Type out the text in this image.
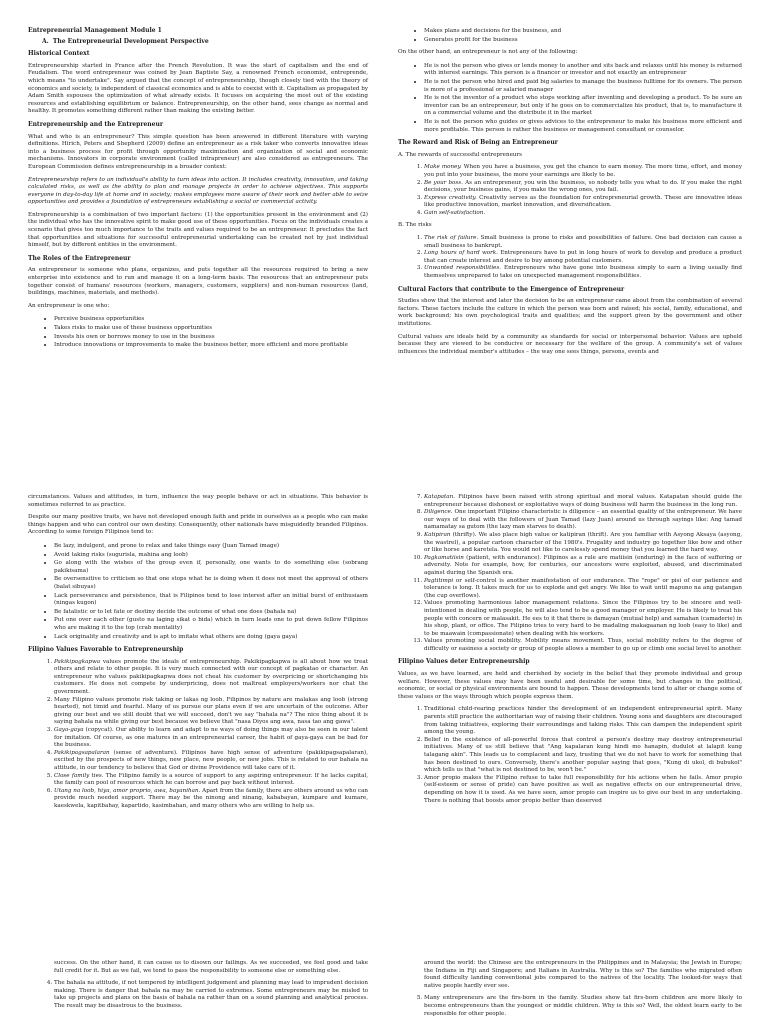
Entrepreneurial Management Module 1

A.  The Entrepreneurial Development Perspective

Historical Context

Entrepreneurship started in France after the French Revolution. It was the start of capitalism and the end of Feudalism. The word entrepreneur was coined by Jean Baptiste Say, a renowned French economist, entreprende, which means "to undertake". Say argued that the concept of entrepreneurship, though closely tied with the theory of economics and society, is independent of classical economics and is able to coexist with it. Capitalism as propagated by Adam Smith espouses the optimization of what already exists. It focuses on acquiring the most out of the existing resources and establishing equilibrium or balance. Entrepreneurship, on the other hand, sees change as normal and healthy. It promotes something different rather than making the existing better.

Entrepreneurship and the Entrepreneur

What and who is an entrepreneur? This simple question has been answered in different literature with varying definitions. Hirich, Peters and Shepherd (2009) define an entrepreneur as a risk taker who converts innovative ideas into a business process for profit through opportunity maximization and organization of social and economic mechanisms. Innovators in corporate environment (called intrapreneur) are also considered as entrepreneurs. The European Commission defines entrepreneurship in a broader context:

Entrepreneurship refers to an individual's ability to turn ideas into action. It includes creativity, innovation, and taking calculated risks, as well as the ability to plan and manage projects in order to achieve objectives. This supports everyone in day-to-day life at home and in society; makes employees more aware of their work and better able to seize opportunities and provides a foundation of entrepreneurs establishing a social or commercial activity.

Entrepreneurship is a combination of two important factors: (1) the opportunities present in the environment and (2) the individual who has the innovative spirit to make good use of these opportunities. Focus on the individuals creates a scenario that gives too much importance to the traits and values required to be an entrepreneur. It precludes the fact that opportunities and situations for successful entrepreneurial undertaking can be created not by just individual himself, but by different entities in the environment.

The Roles of the Entrepreneur

An entrepreneur is someone who plans, organizes, and puts together all the resources required to bring a new enterprise into existence and to run and manage it on a long-term basis. The resources that an entrepreneur puts together consist of humans' resources (workers, managers, customers, suppliers) and non-human resources (land, buildings, machines, materials, and methods).

An entrepreneur is one who:

• Perceive business opportunities
• Takes risks to make use of these business opportunities
• Invests his own or borrows money to use in the business
• Introduce innovations or improvements to make the business better, more efficient and more profitable
• Makes plans and decisions for the business, and
• Generates profit for the business

On the other hand, an entrepreneur is not any of the following:

• He is not the person who gives or lends money to another and sits back and relaxes until his money is returned with interest earnings. This person is a financer or investor and not exactly an entrepreneur
• He is not the person who hired and paid big salaries to manage the business fulltime for its owners. The person is more of a professional or salaried manager
• He is not the inventor of a product who stops working after inventing and developing a product. To be sure an inventor can be an entrepreneur, but only if he goes on to commercialize his product, that is, to manufacture it on a commercial volume and the distribute it in the market
• He is not the person who guides or gives advices to the entrepreneur to make his business more efficient and more profitable. This person is rather the business or management consultant or counselor.

The Reward and Risk of Being an Entrepreneur

A. The rewards of successful entrepreneurs

1. Make money. When you have a business, you get the chance to earn money. The more time, effort, and money you put into your business, the more your earnings are likely to be.
2. Be your boss. As an entrepreneur, you win the business, so nobody tells you what to do. If you make the right decisions, your business gains, if you make the wrong ones, you fail.
3. Express creativity. Creativity serves as the foundation for entrepreneurial growth. These are innovative ideas like productive innovation, market innovation, and diversification.
4. Gain self-satisfaction.

B. The risks

1. The risk of failure. Small business is prone to risks and possibilities of failure. One bad decision can cause a small business to bankrupt.
2. Long hours of hard work. Entrepreneurs have to put in long hours of work to develop and produce a product that can create interest and desire to buy among potential customers.
3. Unwanted responsibilities. Entrepreneurs who have gone into business simply to earn a living usually find themselves unprepared to take on unexpected management responsibilities.

Cultural Factors that contribute to the Emergence of Entrepreneur

Studies show that the interest and later the decision to be an entrepreneur came about from the combination of several factors. These factors include the culture in which the person was born and raised; his social, family, educational, and work background; his own psychological traits and qualities; and the support given by the government and other institutions.

Cultural values are ideals held by a community as standards for social or interpersonal behavior. Values are upheld because they are viewed to be conducive or necessary for the welfare of the group. A community's set of values influences the individual member's attitudes – the way one sees things, persons, events and

circumstances. Values and attitudes, in turn, influence the way people behave or act in situations. This behavior is sometimes referred to as practice.

Despite our many positive traits, we have not developed enough faith and pride in ourselves as a people who can make things happen and who can control our own destiny. Consequently, other nationals have misguidedly branded Filipinos. According to some foreign Filipinos tend to:

• Be lazy, indulgent, and prone to relax and take things easy (Juan Tamad image)
• Avoid taking risks (sugurisla, mahina ang loob)
• Go along with the wishes of the group even if, personally, one wants to do something else (sobrang pakikisama)
• Be oversensitive to criticism so that one stops what he is doing when it does not meet the approval of others (balat sibuyas)
• Lack perseverance and persistence, that is Filipinos tend to lose interest after an initial burst of enthusiasm (ningas kugon)
• Be fatalistic or to let fate or destiny decide the outcome of what one does (bahala na)
• Put one over each other (gusto na laging sikat o bida) which in turn leads one to put down fellow Filipinos who are making it to the top (crab mentality)
• Lack originality and creativity and is apt to imitate what others are doing (gaya gaya)

Filipino Values Favorable to Entrepreneurship

1. Pakikipagkapwa values promote the ideals of entrepreneurship. Pakikipagkapwa is all about how we treat others and relate to other people. It is very much connected with our concept of pagkatao or character. An entrepreneur who values pakikipagkapwa does not cheat his customer by overpricing or shortchanging his customers. He does not compete by underpricing, does not maltreat employers/workers nor chat the government.
2. Many Filipino values promote risk taking or lakas ng loob. Filipinos by nature are malakas ang loob (strong hearted), not timid and fearful. Many of us pursue our plans even if we are uncertain of the outcome. After giving our best and we still doubt that we will succeed, don't we say "bahala na"? The nice thing about it is saying bahala na while giving our best because we believe that "nasa Diyos ang awa, nasa tao ang gawa".
3. Gaya-gaya (copycat). Our ability to learn and adapt to ne ways of doing things may also be seen in our talent for imitation. Of course, as one matures in an entrepreneurial career, the habit of gaya-gaya can be bad for the business.
4. Pakikipagsapalaran (sense of adventure). Filipinos have high sense of adventure (pakikipagsapalaran), excited by the prospects of new things, new place, new people, or new jobs. This is related to our bahala na attitude, in our tendency to believe that God or divine Providence will take care of it.
5. Close family ties. The Filipino family is a source of support to any aspiring entrepreneur. If he lacks capital, the family can pool of resources which he can borrow and pay back without interest.
6. Utang na loob, hiya, amor proprio, awa, bayanihan. Apart from the family, there are others around us who can provide much needed support. There may be the ninong and ninang, kababayan, kumpare and kumare, kaeskwela, kapitbahay, kapartido, kasimbahan, and many others who are willing to help us.
7. Katapatan. Filipinos have been raised with strong spiritual and moral values. Katapatan should guide the entrepreneur because dishonest or exploitative ways of doing business will harm the business in the long run.
8. Diligence. One important Filipino characteristic is diligence – an essential quality of the entrepreneur. We have our ways of to deal with the followers of Juan Tamad (lazy Juan) around us through sayings like: Ang tamad namamatay sa gutom (the lazy man starves to death).
9. Katipiran (thrifty). We also place high value or katipiran (thrift). Are you familiar with Asyong Aksaya (asyong, the wastrel), a popular cartoon character of the 1980's. Frugality and industry go together like bow and other or like horse and karetela. You would not like to carelessly spend money that you learned the hard way.
10. Pagkamatiisin (patient, with endurance). Filipinos as a rule are matiisin (enduring) in the face of suffering or adversity. Note for example, how, for centuries, our ancestors were exploited, abused, and discriminated against during the Spanish era.
11. Pagtitimpi or self-control is another manifestation of our endurance. The "rope" or pisi of our patience and tolerance is long. It takes much for us to explode and get angry. We like to wait until mapuno na ang gatangan (the cup overflows).
12. Values promoting harmonious labor management relations. Since the Filipinos try to be sincere and well-intentioned in dealing with people, he will also tend to be a good manager or employer. He is likely to treat his people with concern or malasakit. He ees to it that there is damayan (mutual help) and samahan (camaderie) in his shop, plant, or office. The Filipino tries to very hard to be madaling makagaanan ng loob (easy to like) and to be maawain (compassionate) when dealing with his workers.
13. Values promoting social mobility. Mobility means movement. Thus, social mobility refers to the degree of difficulty or easiness a society or group of people allows a member to go up or climb one social level to another.

Filipino Values deter Entrepreneurship

Values, as we have learned, are held and cherished by society in the belief that they promote individual and group welfare. However, these values may have been useful and desirable for some time, but changes in the political, economic, or social or physical environments are bound to happen. These developments tend to alter or change some of these values or the ways through which people express them.

1. Traditional child-rearing practices hinder the development of an independent entrepreneurial spirit. Many parents still practice the authoritarian way of raising their children. Young sons and daughters are discouraged from taking initiatives, exploring their surroundings and taking risks. This can dampen the independent spirit among the young.
2. Belief in the existence of all-powerful forces that control a person's destiny may destroy entrepreneurial initiatives. Many of us still believe that "Ang kapalaran kung hindi mo hanapin, dudulot at lalapit kung talagang akin". This leads us to complacent and lazy, trusting that we do not have to work for something that has been destined to ours. Conversely, there's another popular saying that goes, "Kung di ukol, di bubukol" which tells us that "what is not destined to be, won't be."
3. Amor propio makes the Filipino refuse to take full responsibility for his actions when he fails. Amor propio (self-esteem or sense of pride) can have positive as well as negative effects on our entrepreneurial drive, depending on how it is used. As we have seen, amor propio can inspire us to give our best in any undertaking. There is nothing that boosts amor propio better than deserved

success. On the other hand, it can cause us to disown our failings. As we succeeded, we feel good and take full credit for it. But as we fail, we tend to pass the responsibility to someone else or something else.

4. The bahala na attitude, if not tempered by intelligent judgement and planning may lead to imprudent decision making. There is danger that bahala na may be carried to extremes. Some entrepreneurs may be misled to take up projects and plans on the basis of bahala na rather than on a sound planning and analytical process. The result may be disastrous to the business.

around the world: the Chinese are the entrepreneurs in the Philippines and in Malaysia; the Jewish in Europe; the Indians in Fiji and Singapore; and Italians in Australia. Why is this so? The families who migrated often found difficulty landing conventional jobs compared to the natives of the locality. The looked-for ways that native people hardly ever see.

5. Many entrepreneurs are the firs-born in the family. Studies show tat firs-born children are more likely to become entrepreneurs than the youngest or middle children. Why is this so? Well, the oldest learn early to be responsible for other people.
